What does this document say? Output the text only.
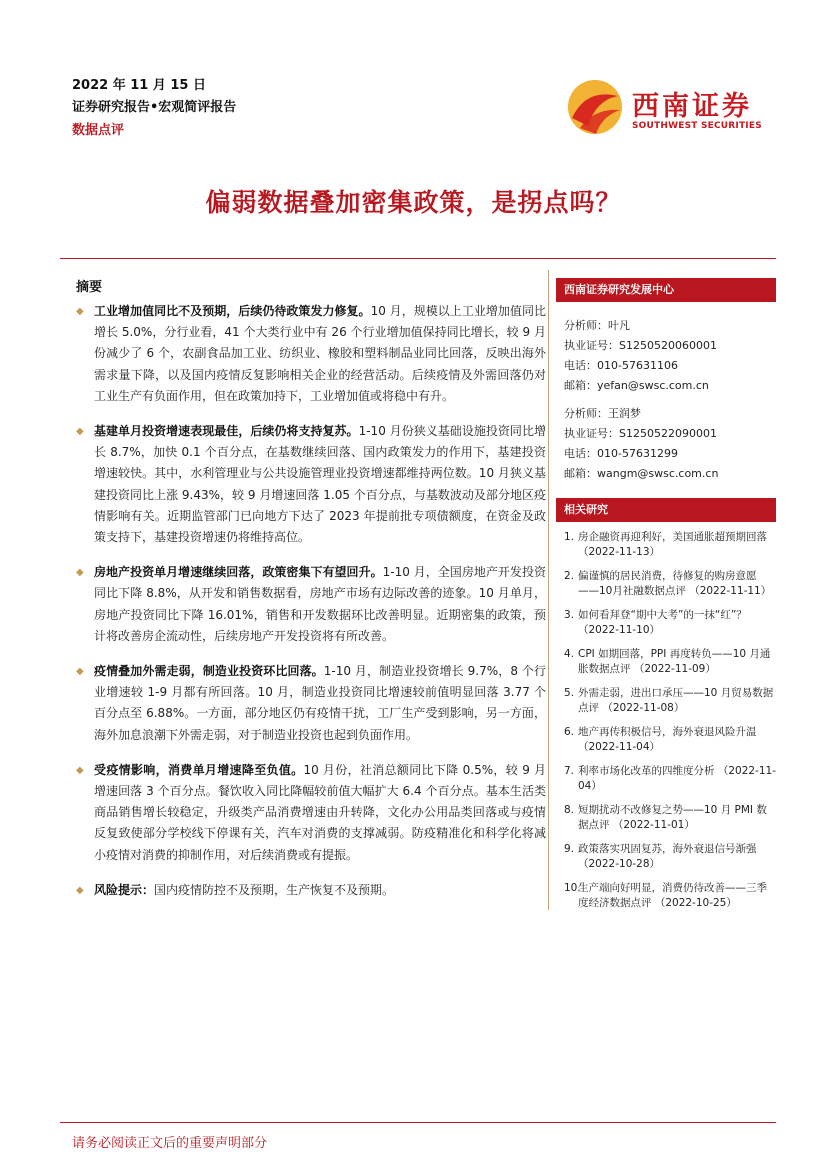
2022 年 11 月 15 日
证券研究报告•宏观简评报告
数据点评
西南证券
SOUTHWEST SECURITIES
偏弱数据叠加密集政策，是拐点吗？
摘要
◆ 工业增加值同比不及预期，后续仍待政策发力修复。10 月，规模以上工业增加值同比增长 5.0%，分行业看，41 个大类行业中有 26 个行业增加值保持同比增长，较 9 月份减少了 6 个，农副食品加工业、纺织业、橡胶和塑料制品业同比回落，反映出海外需求量下降，以及国内疫情反复影响相关企业的经营活动。后续疫情及外需回落仍对工业生产有负面作用，但在政策加持下，工业增加值或将稳中有升。
◆ 基建单月投资增速表现最佳，后续仍将支持复苏。1-10 月份狭义基础设施投资同比增长 8.7%，加快 0.1 个百分点，在基数继续回落、国内政策发力的作用下，基建投资增速较快。其中，水利管理业与公共设施管理业投资增速都维持两位数。10 月狭义基建投资同比上涨 9.43%，较 9 月增速回落 1.05 个百分点，与基数波动及部分地区疫情影响有关。近期监管部门已向地方下达了 2023 年提前批专项债额度，在资金及政策支持下，基建投资增速仍将维持高位。
◆ 房地产投资单月增速继续回落，政策密集下有望回升。1-10 月，全国房地产开发投资同比下降 8.8%，从开发和销售数据看，房地产市场有边际改善的迹象。10 月单月，房地产投资同比下降 16.01%，销售和开发数据环比改善明显。近期密集的政策，预计将改善房企流动性，后续房地产开发投资将有所改善。
◆ 疫情叠加外需走弱，制造业投资环比回落。1-10 月，制造业投资增长 9.7%，8 个行业增速较 1-9 月都有所回落。10 月，制造业投资同比增速较前值明显回落 3.77 个百分点至 6.88%。一方面，部分地区仍有疫情干扰，工厂生产受到影响，另一方面，海外加息浪潮下外需走弱，对于制造业投资也起到负面作用。
◆ 受疫情影响，消费单月增速降至负值。10 月份，社消总额同比下降 0.5%，较 9 月增速回落 3 个百分点。餐饮收入同比降幅较前值大幅扩大 6.4 个百分点。基本生活类商品销售增长较稳定，升级类产品消费增速由升转降，文化办公用品类回落或与疫情反复致使部分学校线下停课有关，汽车对消费的支撑减弱。防疫精准化和科学化将减小疫情对消费的抑制作用，对后续消费或有提振。
◆ 风险提示：国内疫情防控不及预期，生产恢复不及预期。
西南证券研究发展中心
分析师：叶凡
执业证号：S1250520060001
电话：010-57631106
邮箱：yefan@swsc.com.cn
分析师：王润梦
执业证号：S1250522090001
电话：010-57631299
邮箱：wangm@swsc.com.cn
相关研究
1. 房企融资再迎利好，美国通胀超预期回落 （2022-11-13）
2. 偏谨慎的居民消费，待修复的购房意愿——10月社融数据点评 （2022-11-11）
3. 如何看拜登“期中大考”的一抹“红”？（2022-11-10）
4. CPI 如期回落，PPI 再度转负——10 月通胀数据点评 （2022-11-09）
5. 外需走弱，进出口承压——10 月贸易数据点评 （2022-11-08）
6. 地产再传积极信号，海外衰退风险升温 （2022-11-04）
7. 利率市场化改革的四维度分析 （2022-11-04）
8. 短期扰动不改修复之势——10 月 PMI 数据点评 （2022-11-01）
9. 政策落实巩固复苏，海外衰退信号渐强 （2022-10-28）
10.
生产端向好明显，消费仍待改善——三季度经济数据点评 （2022-10-25）
请务必阅读正文后的重要声明部分
